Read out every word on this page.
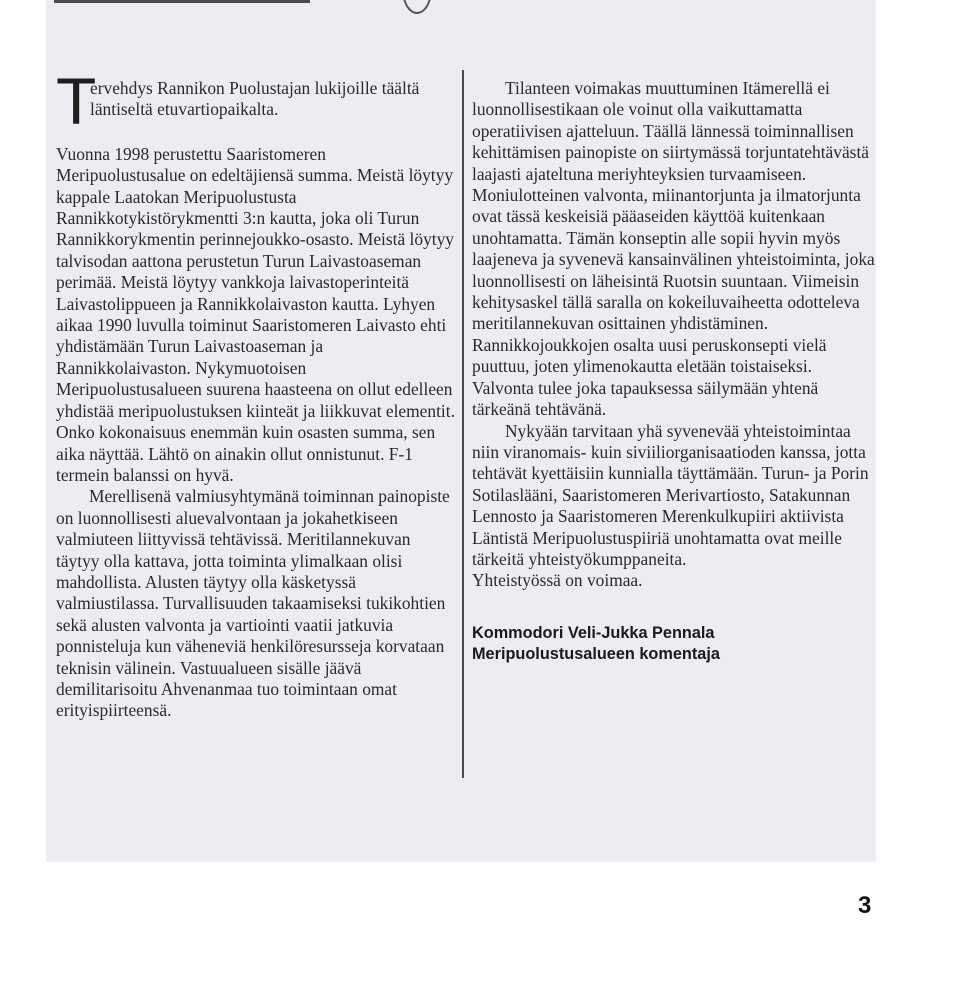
T

ervehdys Rannikon Puolustajan lukijoille täältä läntiseltä etuvartiopaikalta.

Vuonna 1998 perustettu Saaristomeren Meripuolustusalue on edeltäjiensä summa. Meistä löytyy kappale Laatokan Meripuolustusta Rannikkotykistörykmentti 3:n kautta, joka oli Turun Rannikkorykmentin perinnejoukko-osasto. Meistä löytyy talvisodan aattona perustetun Turun Laivastoaseman perimää. Meistä löytyy vankkoja laivastoperinteitä Laivastolippueen ja Rannikkolaivaston kautta. Lyhyen aikaa 1990 luvulla toiminut Saaristomeren Laivasto ehti yhdistämään Turun Laivastoaseman ja Rannikkolaivaston. Nykymuotoisen Meripuolustusalueen suurena haasteena on ollut edelleen yhdistää meripuolustuksen kiinteät ja liikkuvat elementit. Onko kokonaisuus enemmän kuin osasten summa, sen aika näyttää. Lähtö on ainakin ollut onnistunut. F-1 termein balanssi on hyvä.

Merellisenä valmiusyhtymänä toiminnan painopiste on luonnollisesti aluevalvontaan ja jokahetkiseen valmiuteen liittyvissä tehtävissä. Meritilannekuvan täytyy olla kattava, jotta toiminta ylimalkaan olisi mahdollista. Alusten täytyy olla käsketyssä valmiustilassa. Turvallisuuden takaamiseksi tukikohtien sekä alusten valvonta ja vartiointi vaatii jatkuvia ponnisteluja kun väheneviä henkilöresursseja korvataan teknisin välinein. Vastuualueen sisälle jäävä demilitarisoitu Ahvenanmaa tuo toimintaan omat erityispiirteensä.

Tilanteen voimakas muuttuminen Itämerellä ei luonnollisestikaan ole voinut olla vaikuttamatta operatiivisen ajatteluun. Täällä lännessä toiminnallisen kehittämisen painopiste on siirtymässä torjuntatehtävästä laajasti ajateltuna meriyhteyksien turvaamiseen. Moniulotteinen valvonta, miinantorjunta ja ilmatorjunta ovat tässä keskeisiä pääaseiden käyttöä kuitenkaan unohtamatta. Tämän konseptin alle sopii hyvin myös laajeneva ja syvenevä kansainvälinen yhteistoiminta, joka luonnollisesti on läheisintä Ruotsin suuntaan. Viimeisin kehitysaskel tällä saralla on kokeiluvaiheetta odotteleva meritilannekuvan osittainen yhdistäminen. Rannikkojoukkojen osalta uusi peruskonsepti vielä puuttuu, joten ylimenokautta eletään toistaiseksi. Valvonta tulee joka tapauksessa säilymään yhtenä tärkeänä tehtävänä.

Nykyään tarvitaan yhä syvenevää yhteistoimintaa niin viranomais- kuin siviiliorganisaatioden kanssa, jotta tehtävät kyettäisiin kunnialla täyttämään. Turun- ja Porin Sotilaslääni, Saaristomeren Merivartiosto, Satakunnan Lennosto ja Saaristomeren Merenkulkupiiri aktiivista Läntistä Meripuolustuspiiriä unohtamatta ovat meille tärkeitä yhteistyökumppaneita.

Yhteistyössä on voimaa.

Kommodori Veli-Jukka Pennala
Meripuolustusalueen komentaja
3
